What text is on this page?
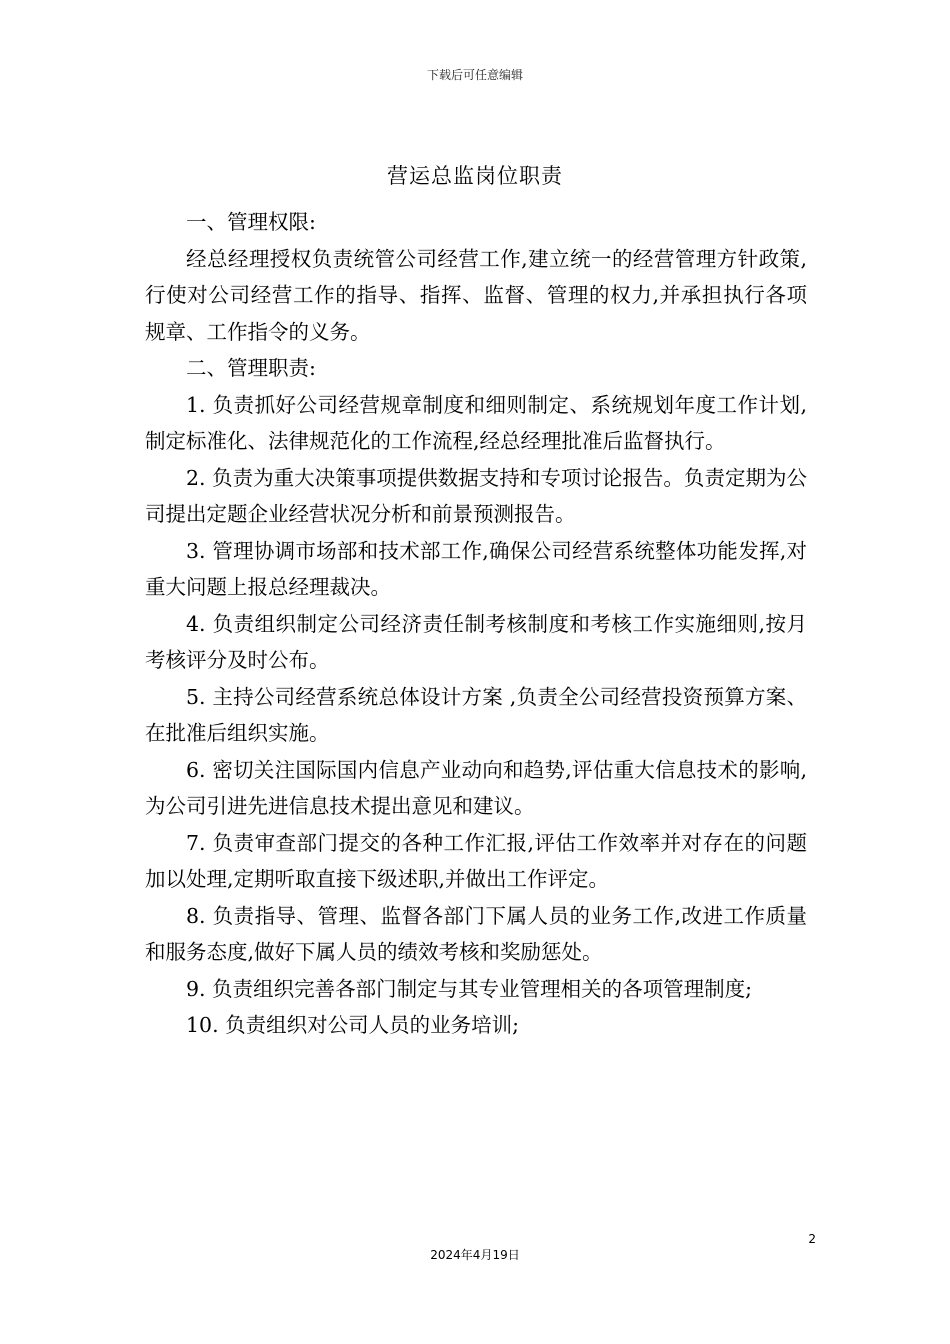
下载后可任意编辑
营运总监岗位职责

一、管理权限:

经总经理授权负责统管公司经营工作,建立统一的经营管理方针政策,行使对公司经营工作的指导、指挥、监督、管理的权力,并承担执行各项规章、工作指令的义务。

二、管理职责:

1. 负责抓好公司经营规章制度和细则制定、系统规划年度工作计划,制定标准化、法律规范化的工作流程,经总经理批准后监督执行。

2. 负责为重大决策事项提供数据支持和专项讨论报告。负责定期为公司提出定题企业经营状况分析和前景预测报告。

3. 管理协调市场部和技术部工作,确保公司经营系统整体功能发挥,对重大问题上报总经理裁决。

4. 负责组织制定公司经济责任制考核制度和考核工作实施细则,按月考核评分及时公布。

5. 主持公司经营系统总体设计方案 ,负责全公司经营投资预算方案、在批准后组织实施。

6. 密切关注国际国内信息产业动向和趋势,评估重大信息技术的影响,为公司引进先进信息技术提出意见和建议。

7. 负责审查部门提交的各种工作汇报,评估工作效率并对存在的问题加以处理,定期听取直接下级述职,并做出工作评定。

8. 负责指导、管理、监督各部门下属人员的业务工作,改进工作质量和服务态度,做好下属人员的绩效考核和奖励惩处。

9. 负责组织完善各部门制定与其专业管理相关的各项管理制度;

10. 负责组织对公司人员的业务培训;

2
2024年4月19日
